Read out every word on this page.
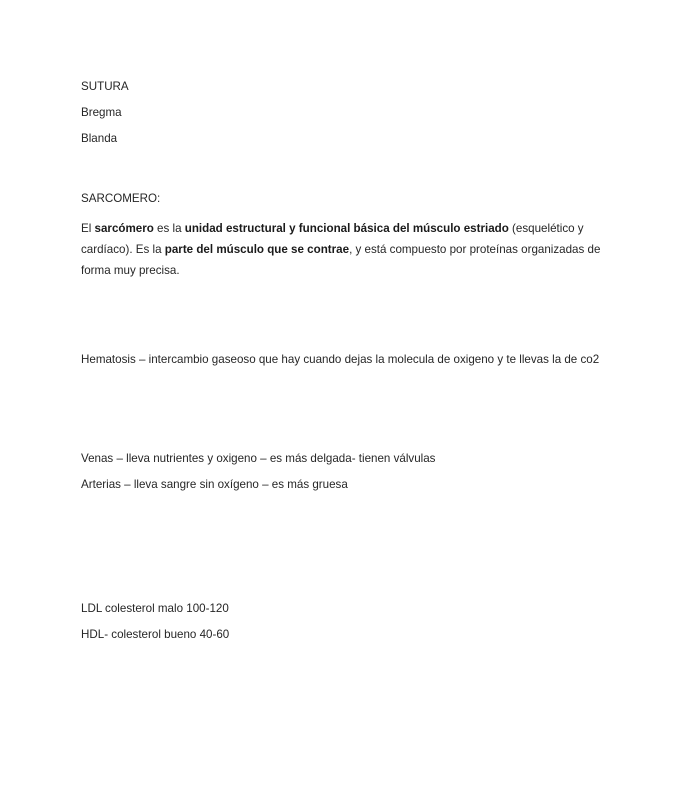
SUTURA

Bregma

Blanda

SARCOMERO:

El sarcómero es la unidad estructural y funcional básica del músculo estriado (esquelético y cardíaco). Es la parte del músculo que se contrae, y está compuesto por proteínas organizadas de forma muy precisa.

Hematosis – intercambio gaseoso que hay cuando dejas la molecula de oxigeno y te llevas la de co2

Venas – lleva nutrientes y oxigeno – es más delgada- tienen válvulas

Arterias – lleva sangre sin oxígeno – es más gruesa

LDL colesterol malo 100-120

HDL- colesterol bueno 40-60
